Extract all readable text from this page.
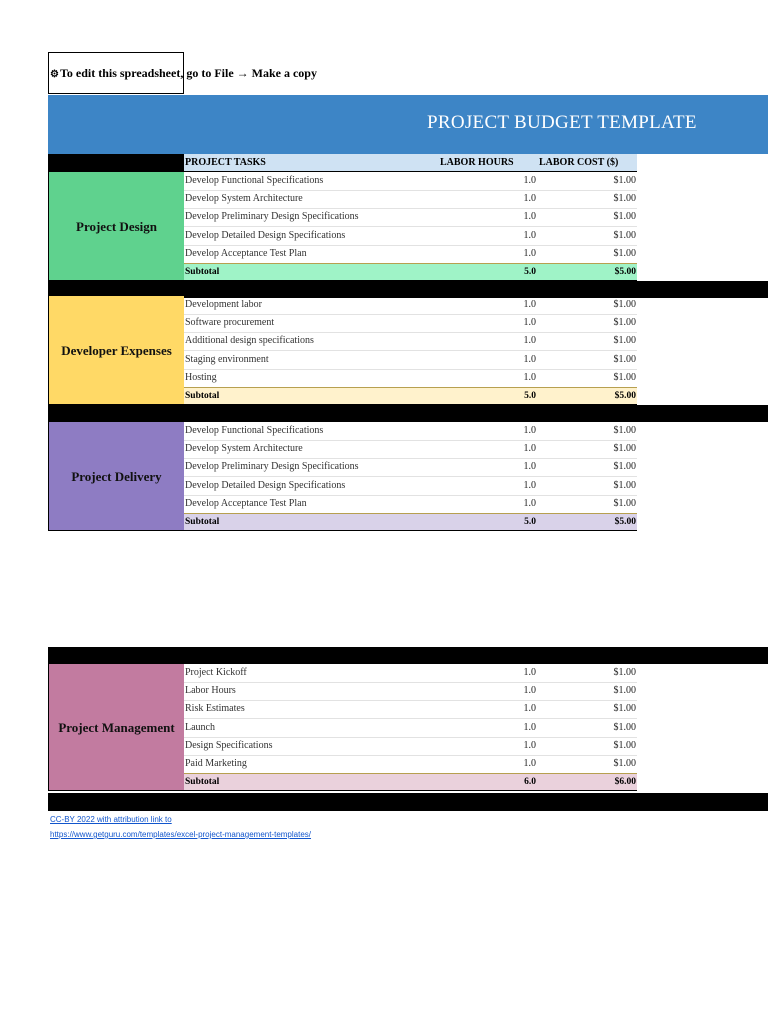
⚙To edit this spreadsheet, go to File → Make a copy
PROJECT BUDGET TEMPLATE
PROJECT TASKS	LABOR HOURS	LABOR COST ($)
Project Design
Develop Functional Specifications	1.0	$1.00
Develop System Architecture	1.0	$1.00
Develop Preliminary Design Specifications	1.0	$1.00
Develop Detailed Design Specifications	1.0	$1.00
Develop Acceptance Test Plan	1.0	$1.00
Subtotal	5.0	$5.00
Developer Expenses
Development labor	1.0	$1.00
Software procurement	1.0	$1.00
Additional design specifications	1.0	$1.00
Staging environment	1.0	$1.00
Hosting	1.0	$1.00
Subtotal	5.0	$5.00
Project Delivery
Develop Functional Specifications	1.0	$1.00
Develop System Architecture	1.0	$1.00
Develop Preliminary Design Specifications	1.0	$1.00
Develop Detailed Design Specifications	1.0	$1.00
Develop Acceptance Test Plan	1.0	$1.00
Subtotal	5.0	$5.00
Project Management
Project Kickoff	1.0	$1.00
Labor Hours	1.0	$1.00
Risk Estimates	1.0	$1.00
Launch	1.0	$1.00
Design Specifications	1.0	$1.00
Paid Marketing	1.0	$1.00
Subtotal	6.0	$6.00
CC-BY 2022 with attribution link to
https://www.getguru.com/templates/excel-project-management-templates/
